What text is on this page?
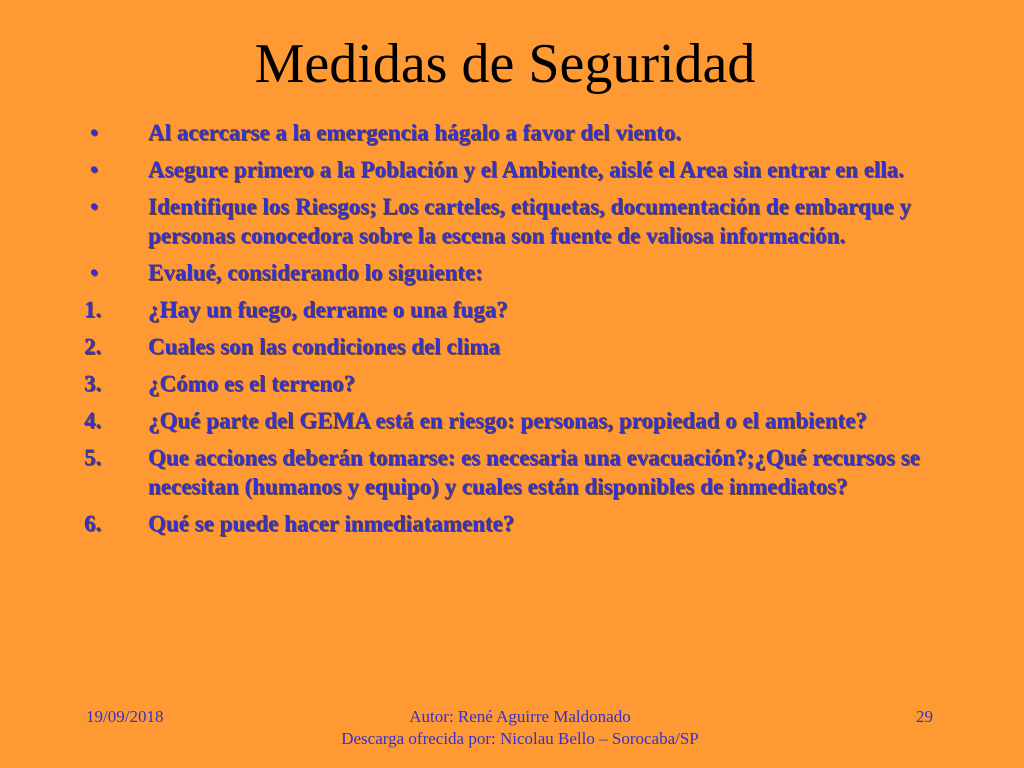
Medidas de Seguridad
•	Al acercarse a la emergencia hágalo a favor del viento.
•	Asegure primero a la Población y el Ambiente, aislé el Area sin entrar en ella.
•	Identifique los Riesgos; Los carteles, etiquetas, documentación de embarque y personas conocedora sobre la escena son fuente de valiosa información.
•	Evalué, considerando lo siguiente:
1.	¿Hay un fuego, derrame o una fuga?
2.	Cuales son las condiciones del clima
3.	¿Cómo es el terreno?
4.	¿Qué parte del GEMA está en riesgo: personas, propiedad o el ambiente?
5.	Que acciones deberán tomarse: es necesaria una evacuación?;¿Qué recursos se necesitan (humanos y equipo) y cuales están disponibles de inmediatos?
6.	Qué se puede hacer inmediatamente?
19/09/2018	Autor: René Aguirre Maldonado
Descarga ofrecida por: Nicolau Bello – Sorocaba/SP
29
